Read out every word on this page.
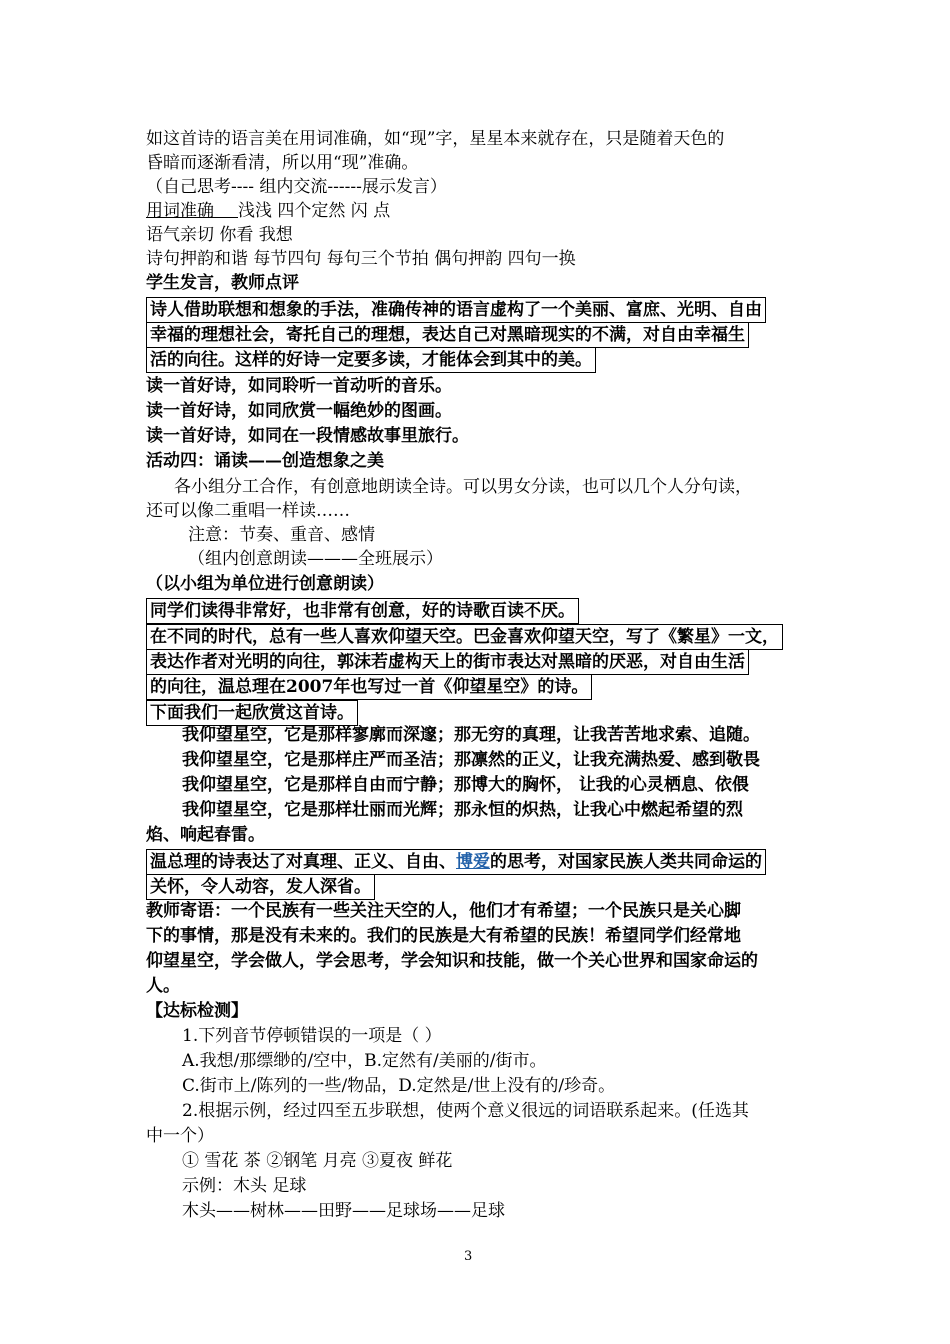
如这首诗的语言美在用词准确，如“现”字，星星本来就存在，只是随着天色的
昏暗而逐渐看清，所以用“现”准确。
（自己思考---- 组内交流------展示发言）
用词准确 浅浅 四个定然 闪 点
语气亲切 你看 我想
诗句押韵和谐 每节四句 每句三个节拍 偶句押韵 四句一换
学生发言，教师点评
诗人借助联想和想象的手法，准确传神的语言虚构了一个美丽、富庶、光明、自由
幸福的理想社会，寄托自己的理想，表达自己对黑暗现实的不满，对自由幸福生
活的向往。这样的好诗一定要多读，才能体会到其中的美。
读一首好诗，如同聆听一首动听的音乐。
读一首好诗，如同欣赏一幅绝妙的图画。
读一首好诗，如同在一段情感故事里旅行。
活动四：诵读——创造想象之美
各小组分工合作，有创意地朗读全诗。可以男女分读，也可以几个人分句读，
还可以像二重唱一样读……
注意：节奏、重音、感情
（组内创意朗读———全班展示）
（以小组为单位进行创意朗读）
同学们读得非常好，也非常有创意，好的诗歌百读不厌。
在不同的时代，总有一些人喜欢仰望天空。巴金喜欢仰望天空，写了《繁星》一文，
表达作者对光明的向往，郭沫若虚构天上的街市表达对黑暗的厌恶，对自由生活
的向往，温总理在2007年也写过一首《仰望星空》的诗。
下面我们一起欣赏这首诗。
我仰望星空，它是那样寥廓而深邃；那无穷的真理，让我苦苦地求索、追随。
我仰望星空，它是那样庄严而圣洁；那凛然的正义，让我充满热爱、感到敬畏
我仰望星空，它是那样自由而宁静；那博大的胸怀， 让我的心灵栖息、依偎
我仰望星空，它是那样壮丽而光辉；那永恒的炽热，让我心中燃起希望的烈
焰、响起春雷。
温总理的诗表达了对真理、正义、自由、博爱的思考，对国家民族人类共同命运的
关怀，令人动容，发人深省。
教师寄语：一个民族有一些关注天空的人，他们才有希望；一个民族只是关心脚
下的事情，那是没有未来的。我们的民族是大有希望的民族！希望同学们经常地
仰望星空，学会做人，学会思考，学会知识和技能，做一个关心世界和国家命运的
人。
【达标检测】
1.下列音节停顿错误的一项是（ ）
A.我想/那缥缈的/空中，B.定然有/美丽的/街市。
C.街市上/陈列的一些/物品，D.定然是/世上没有的/珍奇。
2.根据示例，经过四至五步联想，使两个意义很远的词语联系起来。(任选其
中一个）
① 雪花 茶 ②钢笔 月亮 ③夏夜 鲜花
示例：木头 足球
木头——树林——田野——足球场——足球
3
